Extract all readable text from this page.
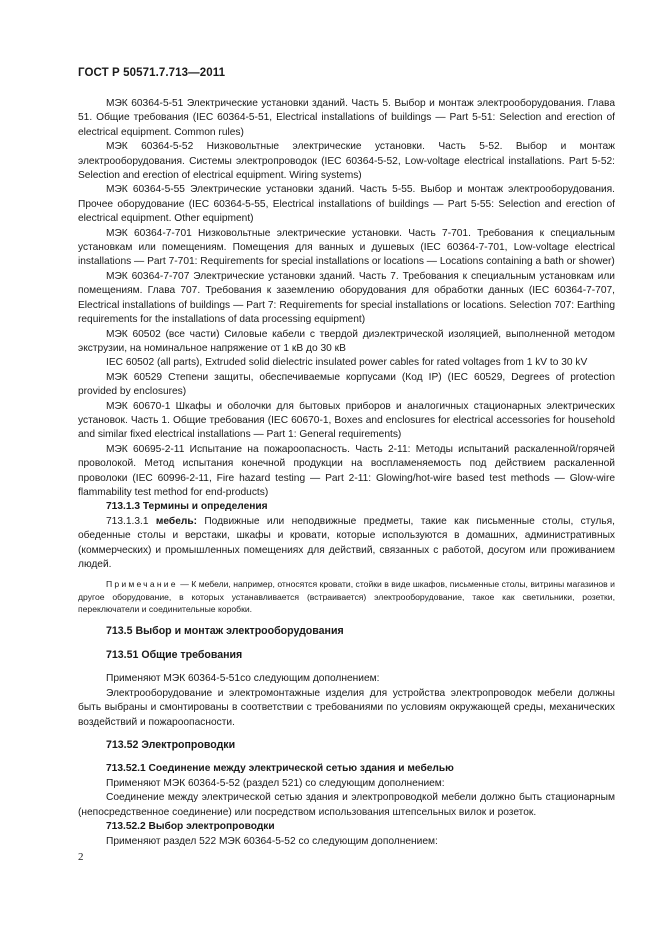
ГОСТ Р 50571.7.713—2011

МЭК 60364-5-51 Электрические установки зданий. Часть 5. Выбор и монтаж электрооборудования. Глава 51. Общие требования (IEC 60364-5-51, Electrical installations of buildings — Part 5-51: Selection and erection of electrical equipment. Common rules)

МЭК 60364-5-52 Низковольтные электрические установки. Часть 5-52. Выбор и монтаж электрооборудования. Системы электропроводок (IEC 60364-5-52, Low-voltage electrical installations. Part 5-52: Selection and erection of electrical equipment. Wiring systems)

МЭК 60364-5-55 Электрические установки зданий. Часть 5-55. Выбор и монтаж электрооборудования. Прочее оборудование (IEC 60364-5-55, Electrical installations of buildings — Part 5-55: Selection and erection of electrical equipment. Other equipment)

МЭК 60364-7-701 Низковольтные электрические установки. Часть 7-701. Требования к специальным установкам или помещениям. Помещения для ванных и душевых (IEC 60364-7-701, Low-voltage electrical installations — Part 7-701: Requirements for special installations or locations — Locations containing a bath or shower)

МЭК 60364-7-707 Электрические установки зданий. Часть 7. Требования к специальным установкам или помещениям. Глава 707. Требования к заземлению оборудования для обработки данных (IEC 60364-7-707, Electrical installations of buildings — Part 7: Requirements for special installations or locations. Selection 707: Earthing requirements for the installations of data processing equipment)

МЭК 60502 (все части) Силовые кабели с твердой диэлектрической изоляцией, выполненной методом экструзии, на номинальное напряжение от 1 кВ до 30 кВ

IEC 60502 (all parts), Extruded solid dielectric insulated power cables for rated voltages from 1 kV to 30 kV

МЭК 60529 Степени защиты, обеспечиваемые корпусами (Код IP) (IEC 60529, Degrees of protection provided by enclosures)

МЭК 60670-1 Шкафы и оболочки для бытовых приборов и аналогичных стационарных электрических установок. Часть 1. Общие требования (IEC 60670-1, Boxes and enclosures for electrical accessories for household and similar fixed electrical installations — Part 1: General requirements)

МЭК 60695-2-11 Испытание на пожароопасность. Часть 2-11: Методы испытаний раскаленной/горячей проволокой. Метод испытания конечной продукции на воспламеняемость под действием раскаленной проволоки (IEC 60996-2-11, Fire hazard testing — Part 2-11: Glowing/hot-wire based test methods — Glow-wire flammability test method for end-products)

713.1.3 Термины и определения

713.1.3.1 мебель: Подвижные или неподвижные предметы, такие как письменные столы, стулья, обеденные столы и верстаки, шкафы и кровати, которые используются в домашних, административных (коммерческих) и промышленных помещениях для действий, связанных с работой, досугом или проживанием людей.

Примечание — К мебели, например, относятся кровати, стойки в виде шкафов, письменные столы, витрины магазинов и другое оборудование, в которых устанавливается (встраивается) электрооборудование, такое как светильники, розетки, переключатели и соединительные коробки.

713.5 Выбор и монтаж электрооборудования

713.51 Общие требования

Применяют МЭК 60364-5-51со следующим дополнением:

Электрооборудование и электромонтажные изделия для устройства электропроводок мебели должны быть выбраны и смонтированы в соответствии с требованиями по условиям окружающей среды, механических воздействий и пожароопасности.

713.52 Электропроводки

713.52.1 Соединение между электрической сетью здания и мебелью

Применяют МЭК 60364-5-52 (раздел 521) со следующим дополнением:

Соединение между электрической сетью здания и электропроводкой мебели должно быть стационарным (непосредственное соединение) или посредством использования штепсельных вилок и розеток.

713.52.2 Выбор электропроводки

Применяют раздел 522 МЭК 60364-5-52 со следующим дополнением:

2
